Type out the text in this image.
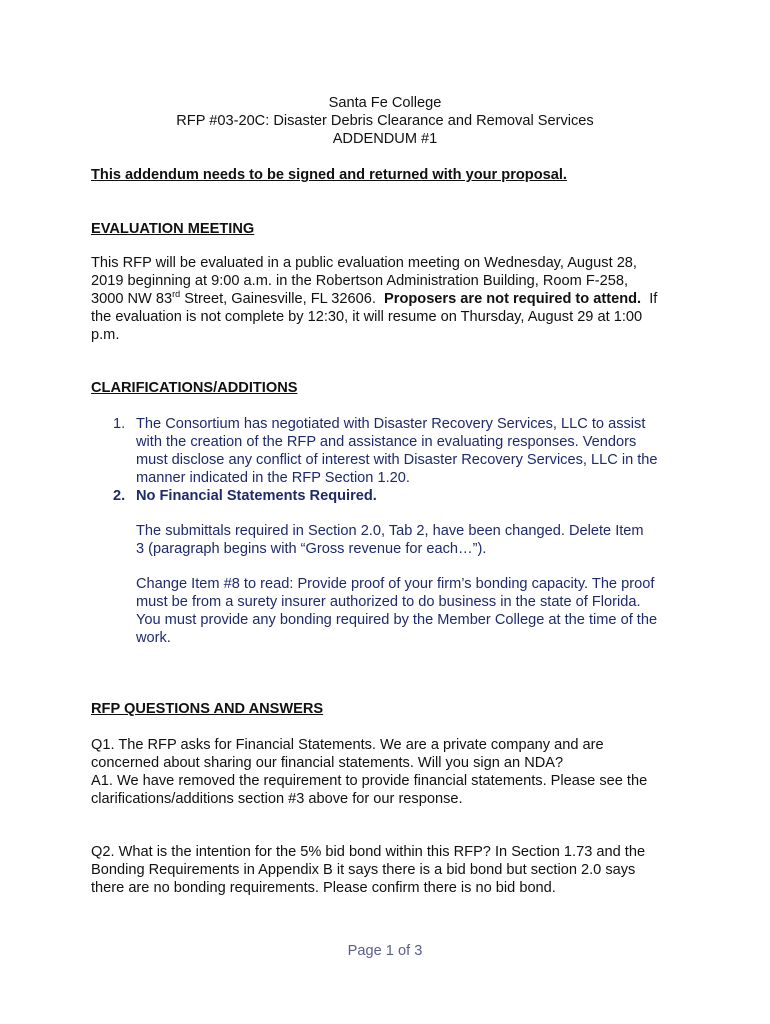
Santa Fe College
RFP #03-20C: Disaster Debris Clearance and Removal Services
ADDENDUM #1
This addendum needs to be signed and returned with your proposal.
EVALUATION MEETING
This RFP will be evaluated in a public evaluation meeting on Wednesday, August 28,
2019 beginning at 9:00 a.m. in the Robertson Administration Building, Room F-258,
3000 NW 83rd Street, Gainesville, FL 32606.  Proposers are not required to attend.  If
the evaluation is not complete by 12:30, it will resume on Thursday, August 29 at 1:00
p.m.
CLARIFICATIONS/ADDITIONS
1. The Consortium has negotiated with Disaster Recovery Services, LLC to assist
with the creation of the RFP and assistance in evaluating responses. Vendors
must disclose any conflict of interest with Disaster Recovery Services, LLC in the
manner indicated in the RFP Section 1.20.
2. No Financial Statements Required.
The submittals required in Section 2.0, Tab 2, have been changed. Delete Item
3 (paragraph begins with “Gross revenue for each…”).
Change Item #8 to read: Provide proof of your firm’s bonding capacity. The proof
must be from a surety insurer authorized to do business in the state of Florida.
You must provide any bonding required by the Member College at the time of the
work.
RFP QUESTIONS AND ANSWERS
Q1. The RFP asks for Financial Statements. We are a private company and are
concerned about sharing our financial statements. Will you sign an NDA?
A1. We have removed the requirement to provide financial statements. Please see the
clarifications/additions section #3 above for our response.
Q2. What is the intention for the 5% bid bond within this RFP? In Section 1.73 and the
Bonding Requirements in Appendix B it says there is a bid bond but section 2.0 says
there are no bonding requirements. Please confirm there is no bid bond.
Page 1 of 3
